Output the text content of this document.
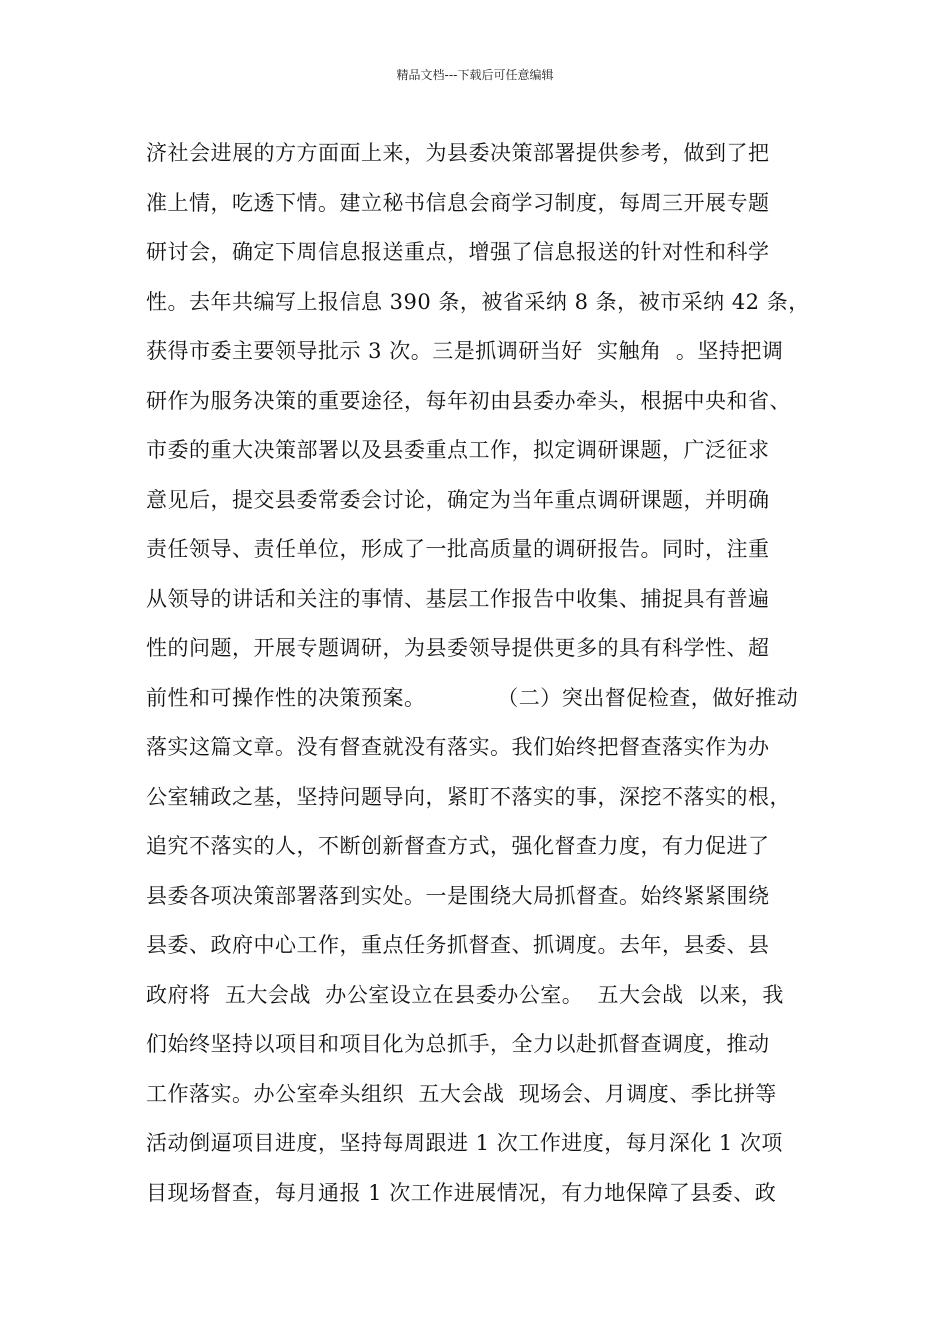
精品文档---下载后可任意编辑
济社会进展的方方面面上来，为县委决策部署提供参考，做到了把
准上情，吃透下情。建立秘书信息会商学习制度，每周三开展专题
研讨会，确定下周信息报送重点，增强了信息报送的针对性和科学
性。去年共编写上报信息 390 条，被省采纳 8 条，被市采纳 42 条，
获得市委主要领导批示 3 次。三是抓调研当好  实触角  。坚持把调
研作为服务决策的重要途径，每年初由县委办牵头，根据中央和省、
市委的重大决策部署以及县委重点工作，拟定调研课题，广泛征求
意见后，提交县委常委会讨论，确定为当年重点调研课题，并明确
责任领导、责任单位，形成了一批高质量的调研报告。同时，注重
从领导的讲话和关注的事情、基层工作报告中收集、捕捉具有普遍
性的问题，开展专题调研，为县委领导提供更多的具有科学性、超
前性和可操作性的决策预案。          （二）突出督促检查，做好推动
落实这篇文章。没有督查就没有落实。我们始终把督查落实作为办
公室辅政之基，坚持问题导向，紧盯不落实的事，深挖不落实的根，
追究不落实的人，不断创新督查方式，强化督查力度，有力促进了
县委各项决策部署落到实处。一是围绕大局抓督查。始终紧紧围绕
县委、政府中心工作，重点任务抓督查、抓调度。去年，县委、县
政府将  五大会战  办公室设立在县委办公室。  五大会战  以来，我
们始终坚持以项目和项目化为总抓手，全力以赴抓督查调度，推动
工作落实。办公室牵头组织  五大会战  现场会、月调度、季比拼等
活动倒逼项目进度，坚持每周跟进 1 次工作进度，每月深化 1 次项
目现场督查，每月通报 1 次工作进展情况，有力地保障了县委、政
